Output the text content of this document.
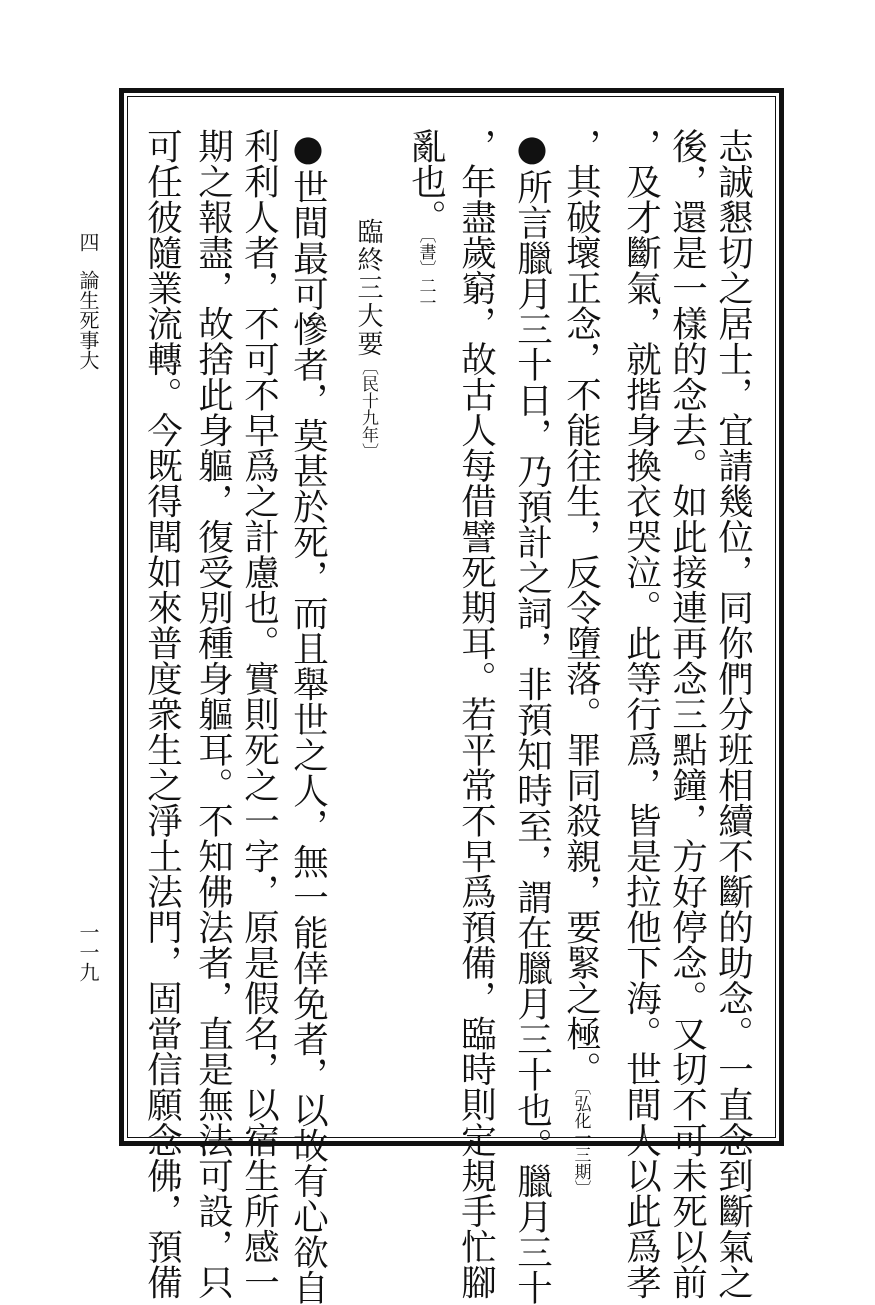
志誠懇切之居士，宜請幾位，同你們分班相續不斷的助念。一直念到斷氣之
後，還是一樣的念去。如此接連再念三點鐘，方好停念。又切不可未死以前
，及才斷氣，就揩身換衣哭泣。此等行爲，皆是拉他下海。世間人以此爲孝
，其破壞正念，不能往生，反令墮落。罪同殺親，要緊之極。〔弘化一三期〕
●所言臘月三十日，乃預計之詞，非預知時至，謂在臘月三十也。臘月三十
，年盡歲窮，故古人每借譬死期耳。若平常不早爲預備，臨時則定規手忙腳
亂也。〔書〕二一
臨終三大要〔民十九年〕
●世間最可慘者，莫甚於死，而且舉世之人，無一能倖免者，以故有心欲自
利利人者，不可不早爲之計慮也。實則死之一字，原是假名，以宿生所感一
期之報盡，故捨此身軀，復受別種身軀耳。不知佛法者，直是無法可設，只
可任彼隨業流轉。今既得聞如來普度衆生之淨土法門，固當信願念佛，預備
四
論生死事大
一一九
